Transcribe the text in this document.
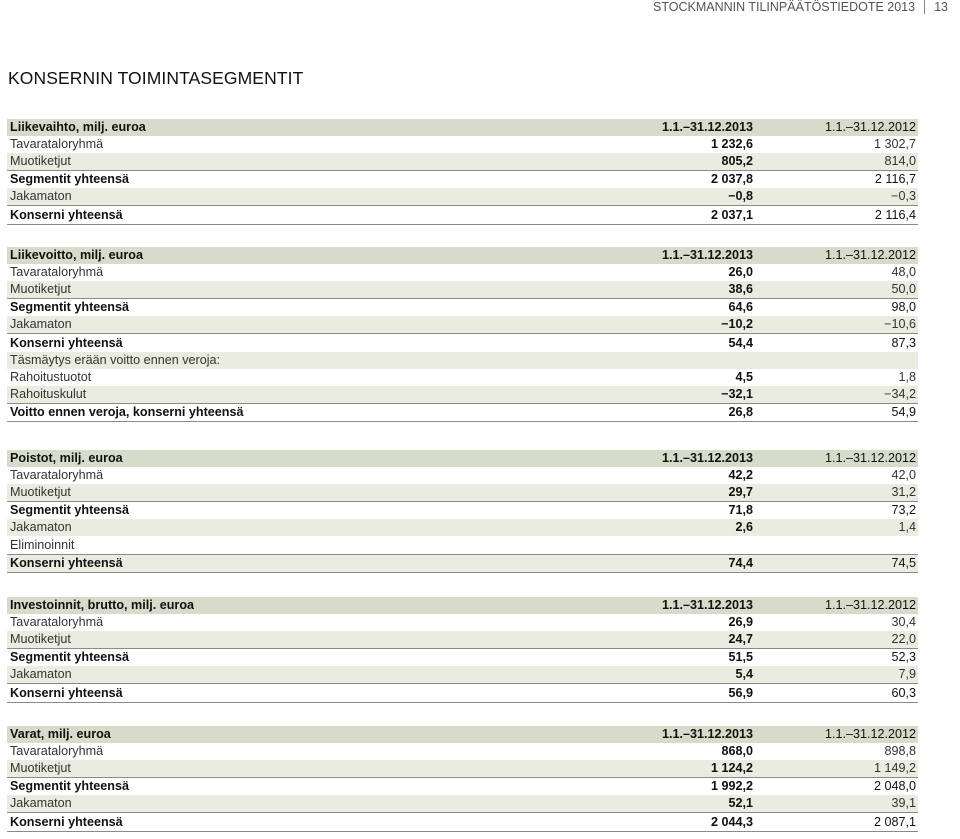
STOCKMANNIN TILINPÄÄTÖSTIEDOTE 2013 13
KONSERNIN TOIMINTASEGMENTIT
Liikevaihto, milj. euroa	1.1.–31.12.2013	1.1.–31.12.2012
Tavarataloryhmä	1 232,6	1 302,7
Muotiketjut	805,2	814,0
Segmentit yhteensä	2 037,8	2 116,7
Jakamaton	−0,8	−0,3
Konserni yhteensä	2 037,1	2 116,4
Liikevoitto, milj. euroa	1.1.–31.12.2013	1.1.–31.12.2012
Tavarataloryhmä	26,0	48,0
Muotiketjut	38,6	50,0
Segmentit yhteensä	64,6	98,0
Jakamaton	−10,2	−10,6
Konserni yhteensä	54,4	87,3
Täsmäytys erään voitto ennen veroja:		
Rahoitustuotot	4,5	1,8
Rahoituskulut	−32,1	−34,2
Voitto ennen veroja, konserni yhteensä	26,8	54,9
Poistot, milj. euroa	1.1.–31.12.2013	1.1.–31.12.2012
Tavarataloryhmä	42,2	42,0
Muotiketjut	29,7	31,2
Segmentit yhteensä	71,8	73,2
Jakamaton	2,6	1,4
Eliminoinnit		
Konserni yhteensä	74,4	74,5
Investoinnit, brutto, milj. euroa	1.1.–31.12.2013	1.1.–31.12.2012
Tavarataloryhmä	26,9	30,4
Muotiketjut	24,7	22,0
Segmentit yhteensä	51,5	52,3
Jakamaton	5,4	7,9
Konserni yhteensä	56,9	60,3
Varat, milj. euroa	1.1.–31.12.2013	1.1.–31.12.2012
Tavarataloryhmä	868,0	898,8
Muotiketjut	1 124,2	1 149,2
Segmentit yhteensä	1 992,2	2 048,0
Jakamaton	52,1	39,1
Konserni yhteensä	2 044,3	2 087,1
